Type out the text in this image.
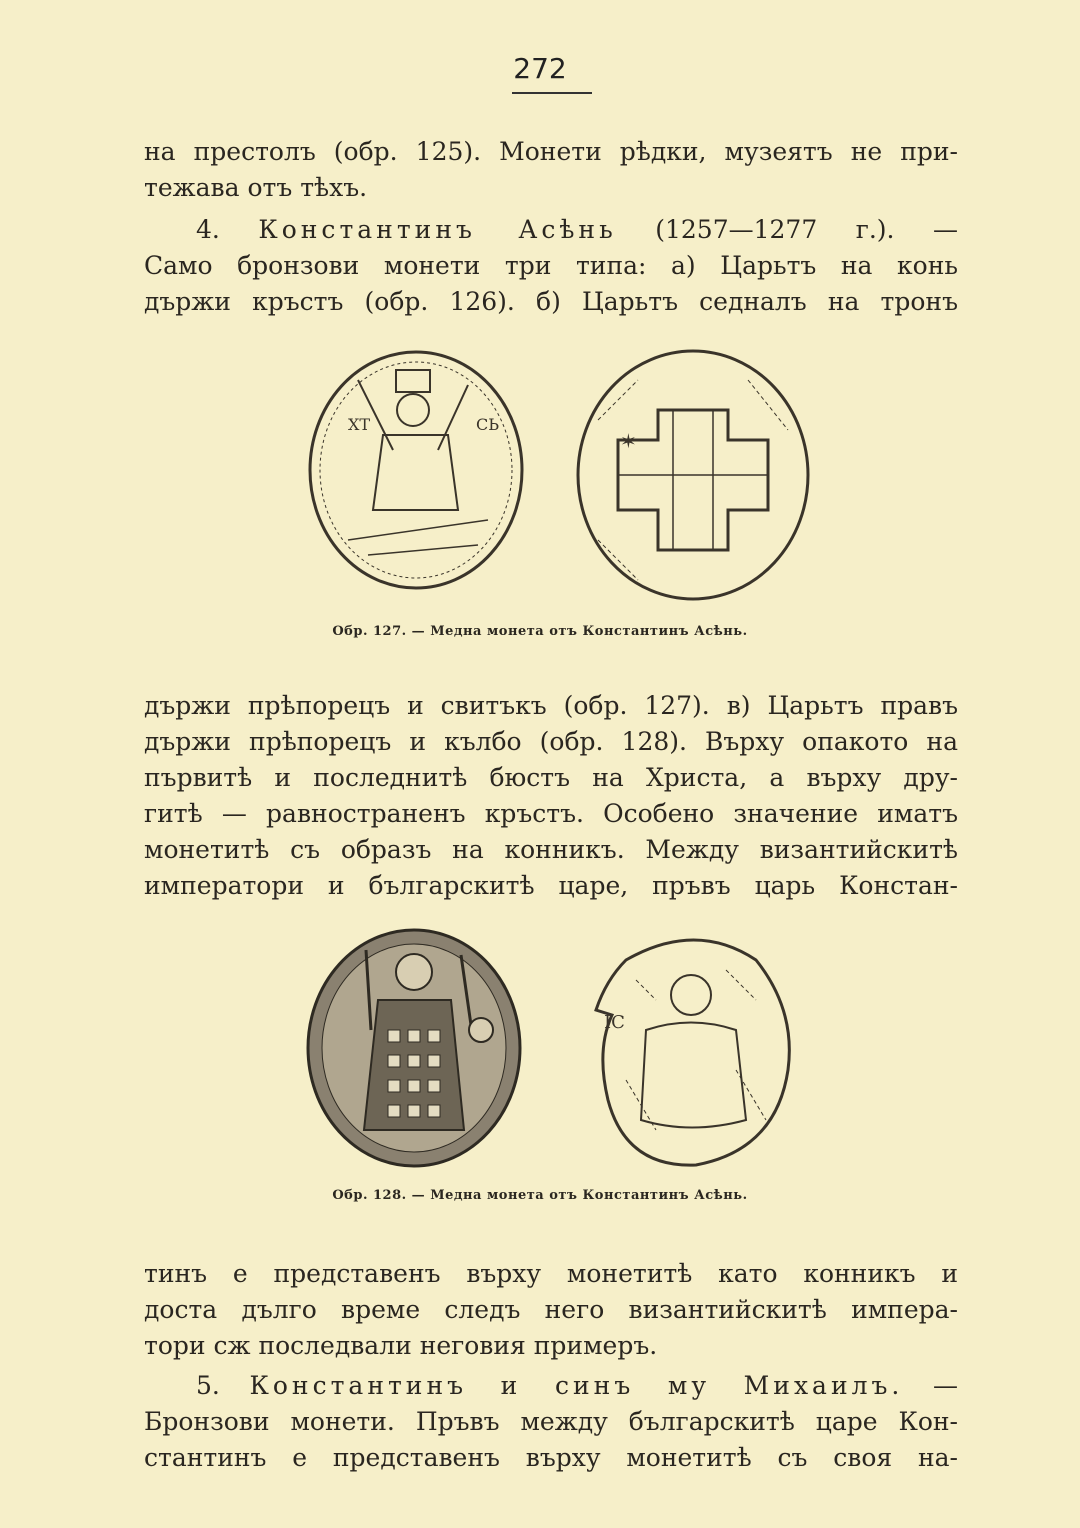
272

на престолъ (обр. 125). Монети рѣдки, музеятъ не при-

тежава отъ тѣхъ.

4. Константинъ Асѣнь (1257—1277 г.). —

Само бронзови монети три типа: а) Царьтъ на конь

държи кръстъ (обр. 126). б) Царьтъ седналъ на тронъ

ΧΤ	СЬ
✶
Обр. 127. — Медна монета отъ Константинъ Асѣнь.

държи прѣпорецъ и свитъкъ (обр. 127). в) Царьтъ правъ

държи прѣпорецъ и кълбо (обр. 128). Върху опакото на

първитѣ и последнитѣ бюстъ на Христа, а върху дру-

гитѣ — равностраненъ кръстъ. Особено значение иматъ

монетитѣ съ образъ на конникъ. Между византийскитѣ

императори и българскитѣ царе, пръвъ царь Констан-

IC
Обр. 128. — Медна монета отъ Константинъ Асѣнь.

тинъ е представенъ върху монетитѣ като конникъ и

доста дълго време следъ него византийскитѣ импера-

тори сж последвали неговия примеръ.

5. Константинъ и синъ му Михаилъ. —

Бронзови монети. Пръвъ между българскитѣ царе Кон-

стантинъ е представенъ върху монетитѣ съ своя на-
